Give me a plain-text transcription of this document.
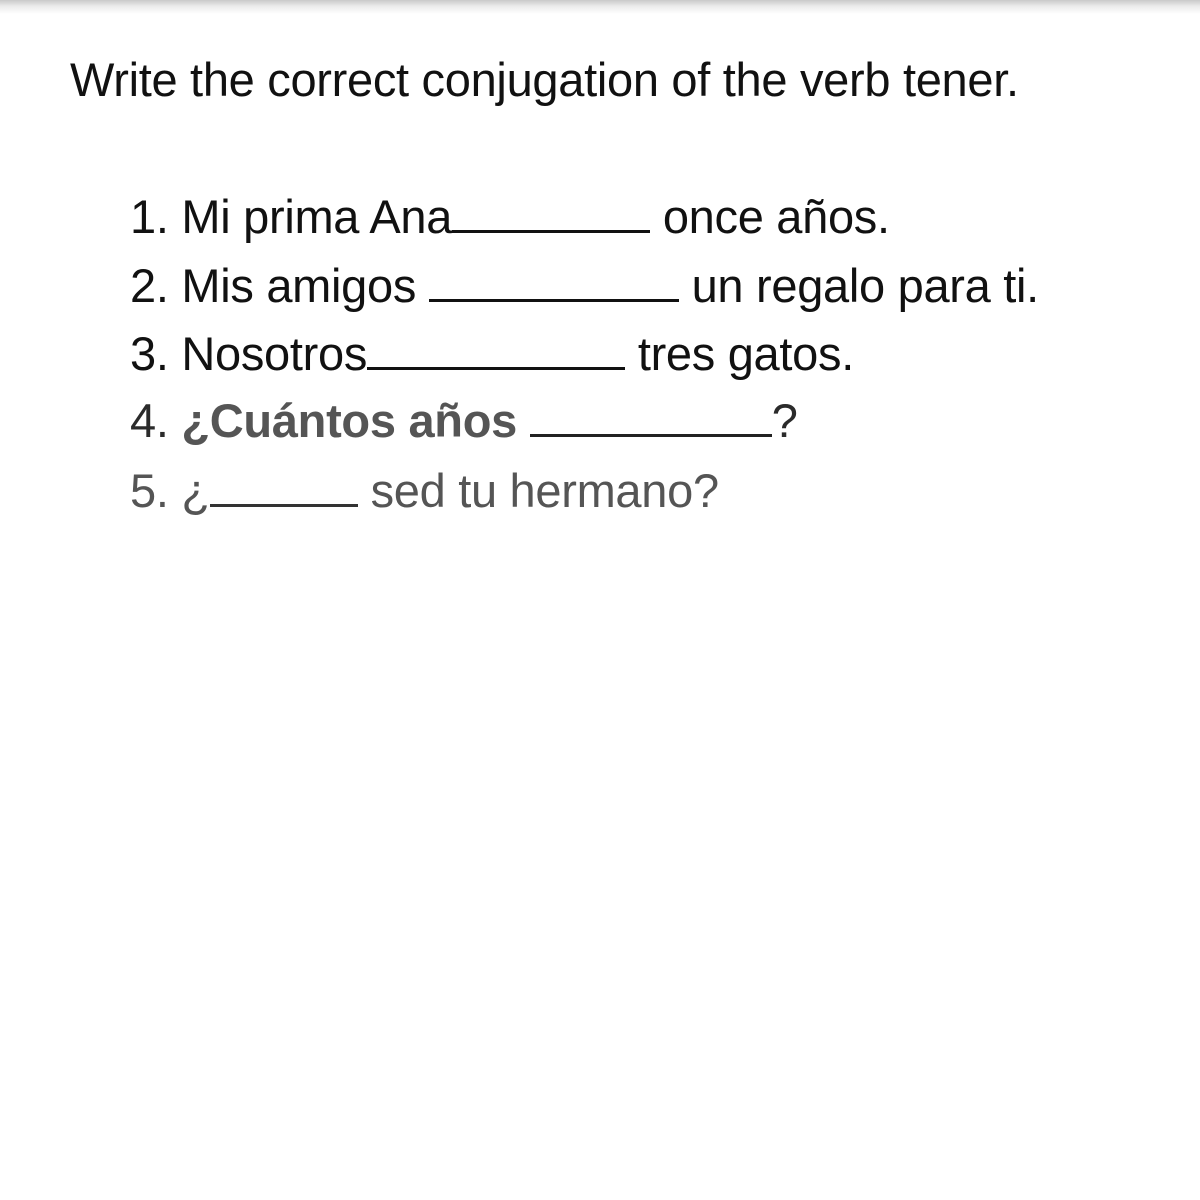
Write the correct conjugation of the verb tener.
1. Mi prima Ana	once años.
2. Mis amigos	un regalo para ti.
3. Nosotros	tres gatos.
4. ¿Cuántos años	?
5. ¿	sed tu hermano?
